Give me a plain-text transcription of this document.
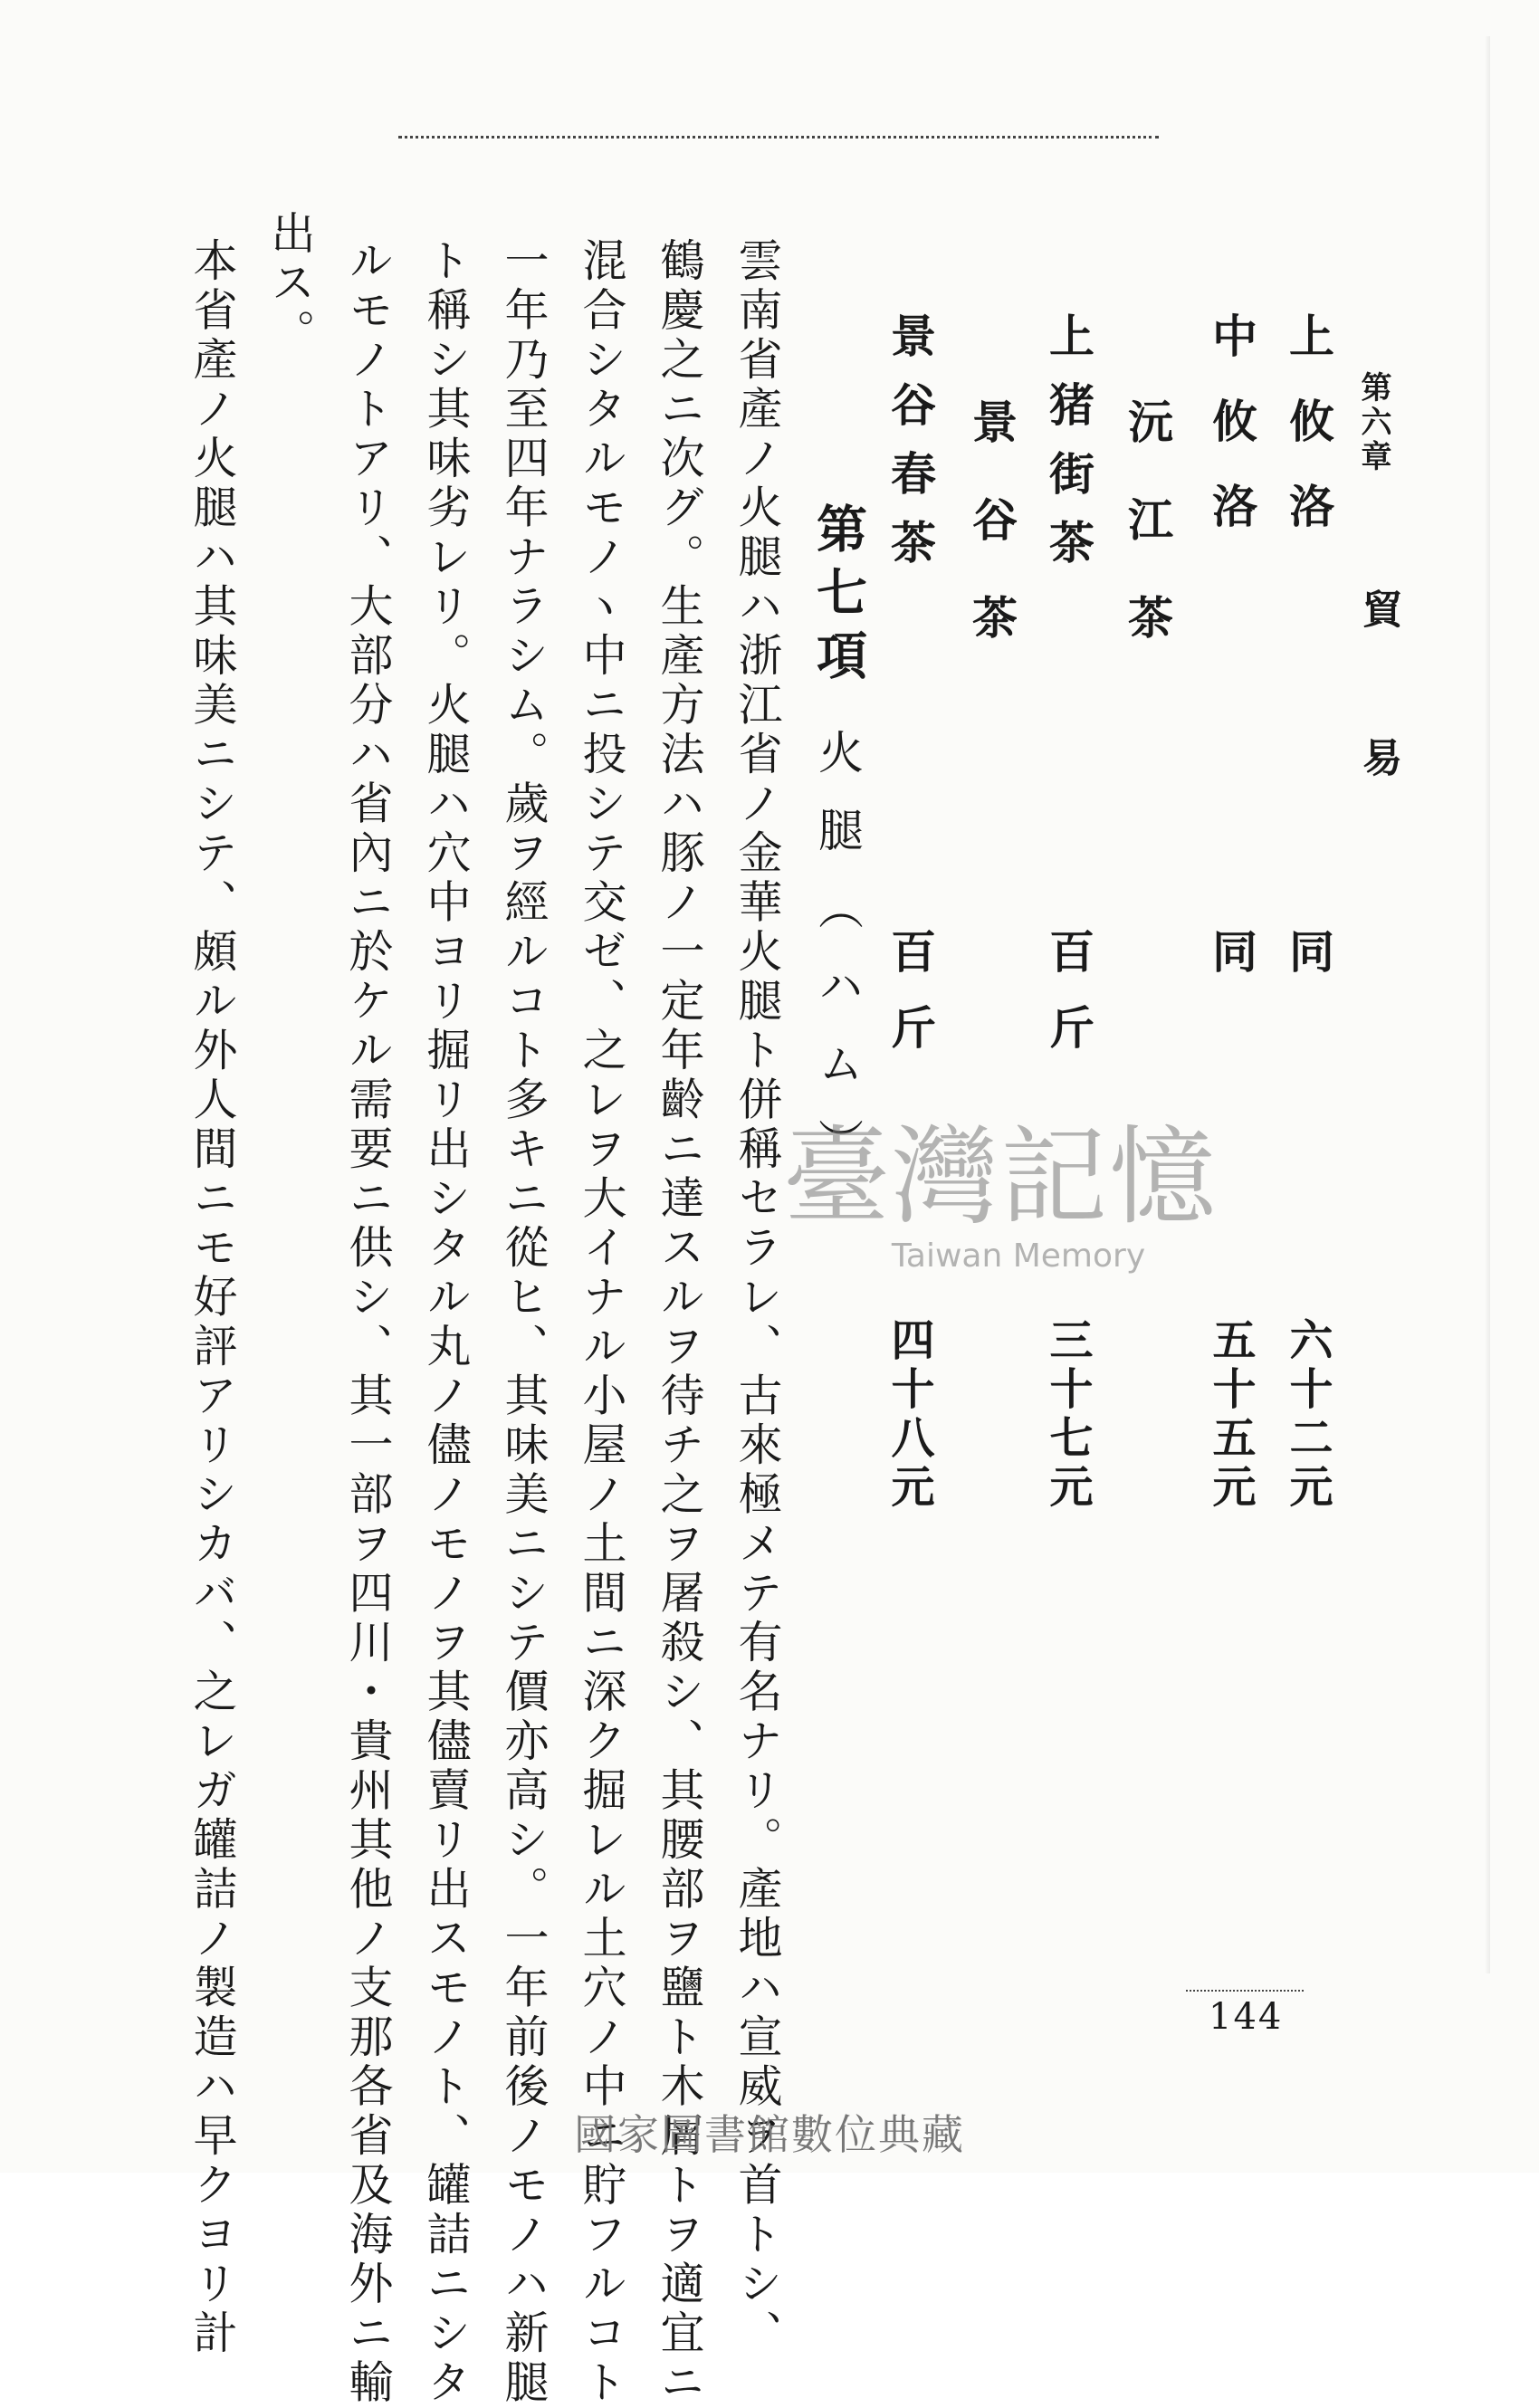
第六章
貿易
上攸洛
中攸洛
沅江茶
上猪街茶
景谷茶
景谷春茶
同
同
百斤
百斤
六十二元
五十五元
三十七元
四十八元
第七項
火腿（ハム）
雲南省產ノ火腿ハ浙江省ノ金華火腿ト併稱セラレ、古來極メテ有名ナリ。產地ハ宣威ヲ首トシ、
鶴慶之ニ次グ。生產方法ハ豚ノ一定年齡ニ達スルヲ待チ之ヲ屠殺シ、其腰部ヲ鹽ト木屑トヲ適宜ニ
混合シタルモノヽ中ニ投シテ交ゼ、之レヲ大イナル小屋ノ土間ニ深ク掘レル土穴ノ中ニ貯フルコト
一年乃至四年ナラシム。歲ヲ經ルコト多キニ從ヒ、其味美ニシテ價亦高シ。一年前後ノモノハ新腿
ト稱シ其味劣レリ。火腿ハ穴中ヨリ掘リ出シタル丸ノ儘ノモノヲ其儘賣リ出スモノト、罐詰ニシタ
ルモノトアリ、大部分ハ省內ニ於ケル需要ニ供シ、其一部ヲ四川・貴州其他ノ支那各省及海外ニ輸
出ス。
本省產ノ火腿ハ其味美ニシテ、頗ル外人間ニモ好評アリシカバ、之レガ罐詰ノ製造ハ早クヨリ計	144
臺灣記憶
Taiwan Memory
國家圖書館數位典藏
